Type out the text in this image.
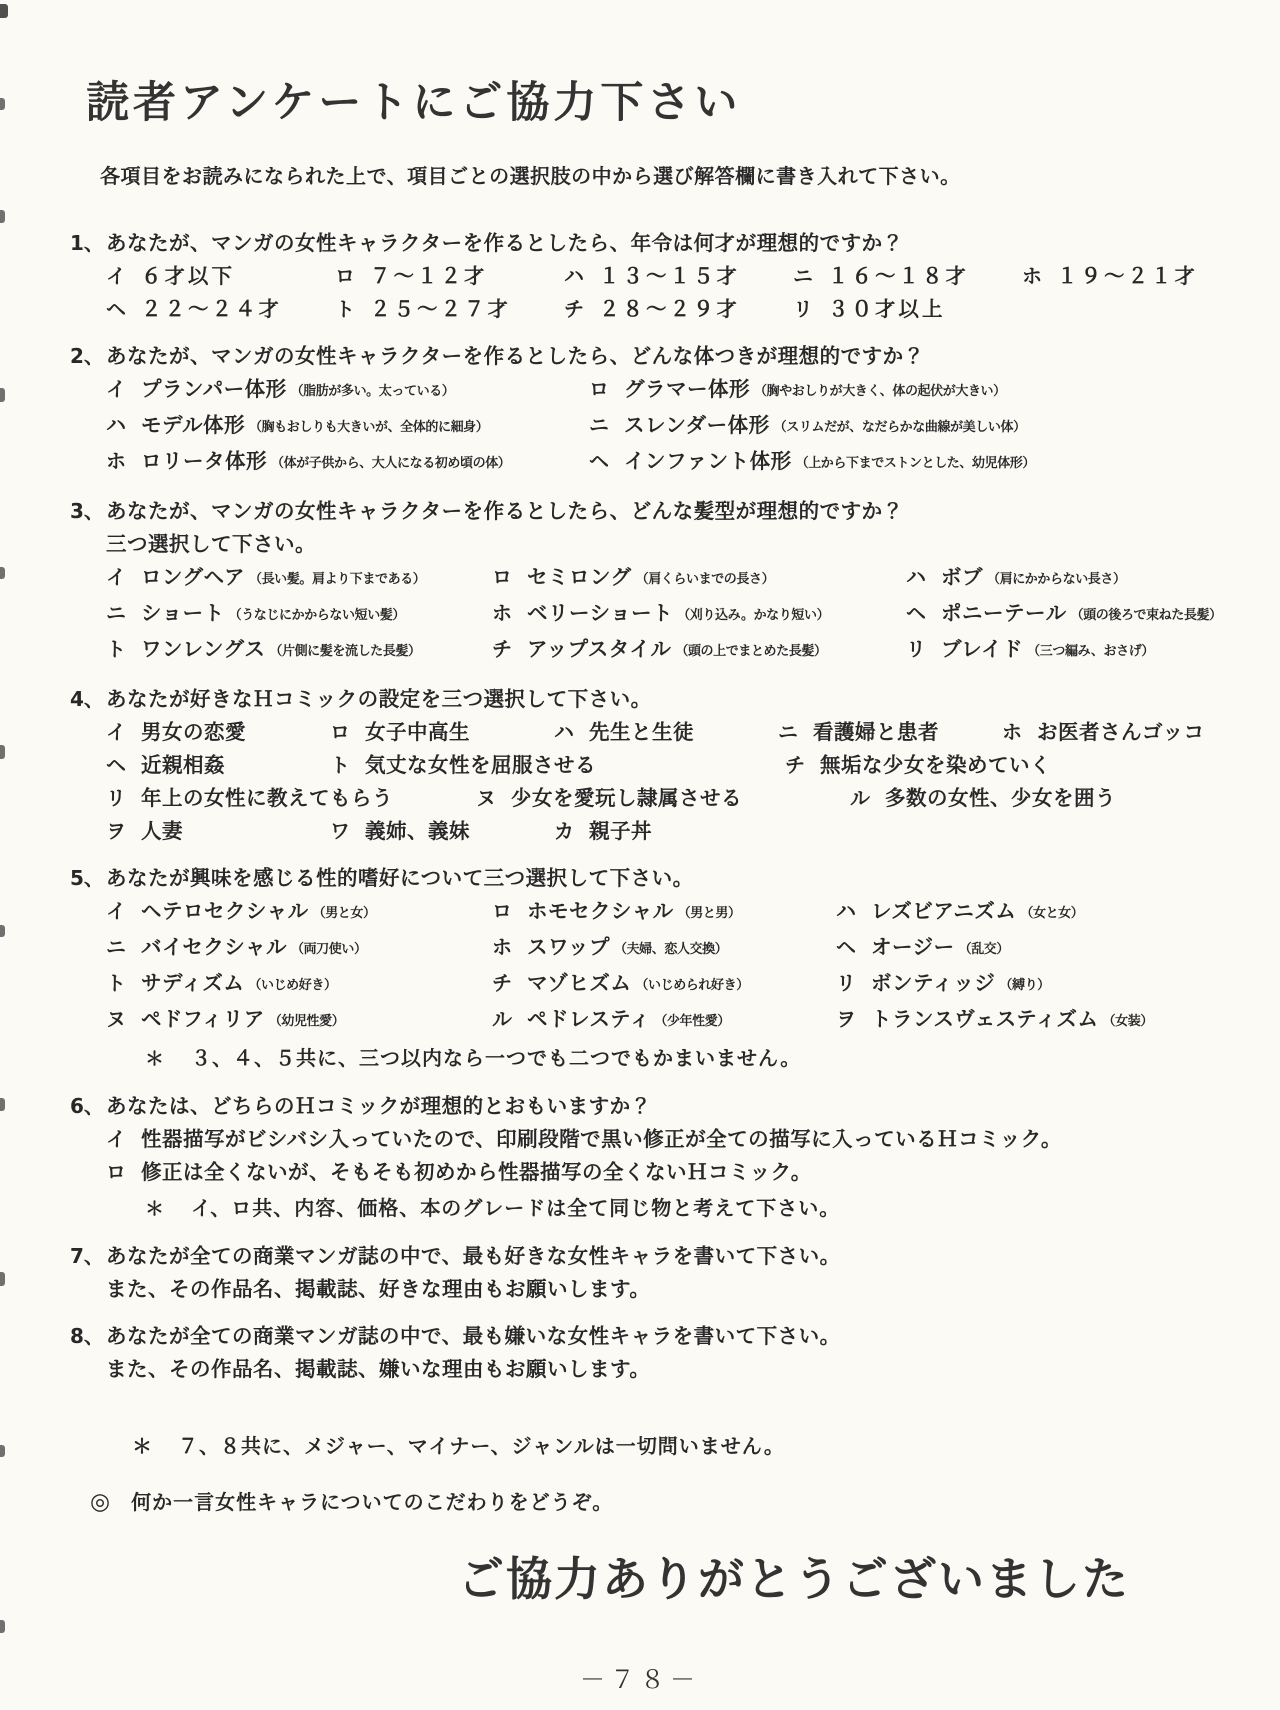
読者アンケートにご協力下さい

各項目をお読みになられた上で、項目ごとの選択肢の中から選び解答欄に書き入れて下さい。

1、 あなたが、マンガの女性キャラクターを作るとしたら、年令は何才が理想的ですか？
イ ６才以下	ロ ７～１２才	ハ １３～１５才	ニ １６～１８才	ホ １９～２１才
ヘ ２２～２４才	ト ２５～２７才	チ ２８～２９才	リ ３０才以上
2、 あなたが、マンガの女性キャラクターを作るとしたら、どんな体つきが理想的ですか？
イ プランパー体形 （脂肪が多い。太っている）	ロ グラマー体形 （胸やおしりが大きく、体の起伏が大きい）
ハ モデル体形 （胸もおしりも大きいが、全体的に細身）	ニ スレンダー体形 （スリムだが、なだらかな曲線が美しい体）
ホ ロリータ体形 （体が子供から、大人になる初め頃の体）	ヘ インファント体形 （上から下までストンとした、幼児体形）
3、 あなたが、マンガの女性キャラクターを作るとしたら、どんな髪型が理想的ですか？
三つ選択して下さい。
イ ロングヘア （長い髪。肩より下まである）	ロ セミロング （肩くらいまでの長さ）	ハ ボブ （肩にかからない長さ）
ニ ショート （うなじにかからない短い髪）	ホ ベリーショート （刈り込み。かなり短い）	ヘ ポニーテール （頭の後ろで束ねた長髪）
ト ワンレングス （片側に髪を流した長髪）	チ アップスタイル （頭の上でまとめた長髪）	リ ブレイド （三つ編み、おさげ）
4、 あなたが好きなＨコミックの設定を三つ選択して下さい。
イ 男女の恋愛	ロ 女子中高生	ハ 先生と生徒	ニ 看護婦と患者	ホ お医者さんゴッコ
ヘ 近親相姦	ト 気丈な女性を屈服させる	チ 無垢な少女を染めていく
リ 年上の女性に教えてもらう	ヌ 少女を愛玩し隷属させる	ル 多数の女性、少女を囲う
ヲ 人妻	ワ 義姉、義妹	カ 親子丼
5、 あなたが興味を感じる性的嗜好について三つ選択して下さい。
イ ヘテロセクシャル （男と女）	ロ ホモセクシャル （男と男）	ハ レズビアニズム （女と女）
ニ バイセクシャル （両刀使い）	ホ スワップ （夫婦、恋人交換）	ヘ オージー （乱交）
ト サディズム （いじめ好き）	チ マゾヒズム （いじめられ好き）	リ ボンティッジ （縛り）
ヌ ペドフィリア （幼児性愛）	ル ペドレスティ （少年性愛）	ヲ トランスヴェスティズム （女装）
＊ ３、４、５共に、三つ以内なら一つでも二つでもかまいません。
6、 あなたは、どちらのＨコミックが理想的とおもいますか？
イ 性器描写がビシバシ入っていたので、印刷段階で黒い修正が全ての描写に入っているＨコミック。
ロ 修正は全くないが、そもそも初めから性器描写の全くないＨコミック。
＊ イ、ロ共、内容、価格、本のグレードは全て同じ物と考えて下さい。
7、 あなたが全ての商業マンガ誌の中で、最も好きな女性キャラを書いて下さい。
また、その作品名、掲載誌、好きな理由もお願いします。
8、 あなたが全ての商業マンガ誌の中で、最も嫌いな女性キャラを書いて下さい。
また、その作品名、掲載誌、嫌いな理由もお願いします。
＊ ７、８共に、メジャー、マイナー、ジャンルは一切問いません。
◎ 何か一言女性キャラについてのこだわりをどうぞ。
ご協力ありがとうございました
－７８－
